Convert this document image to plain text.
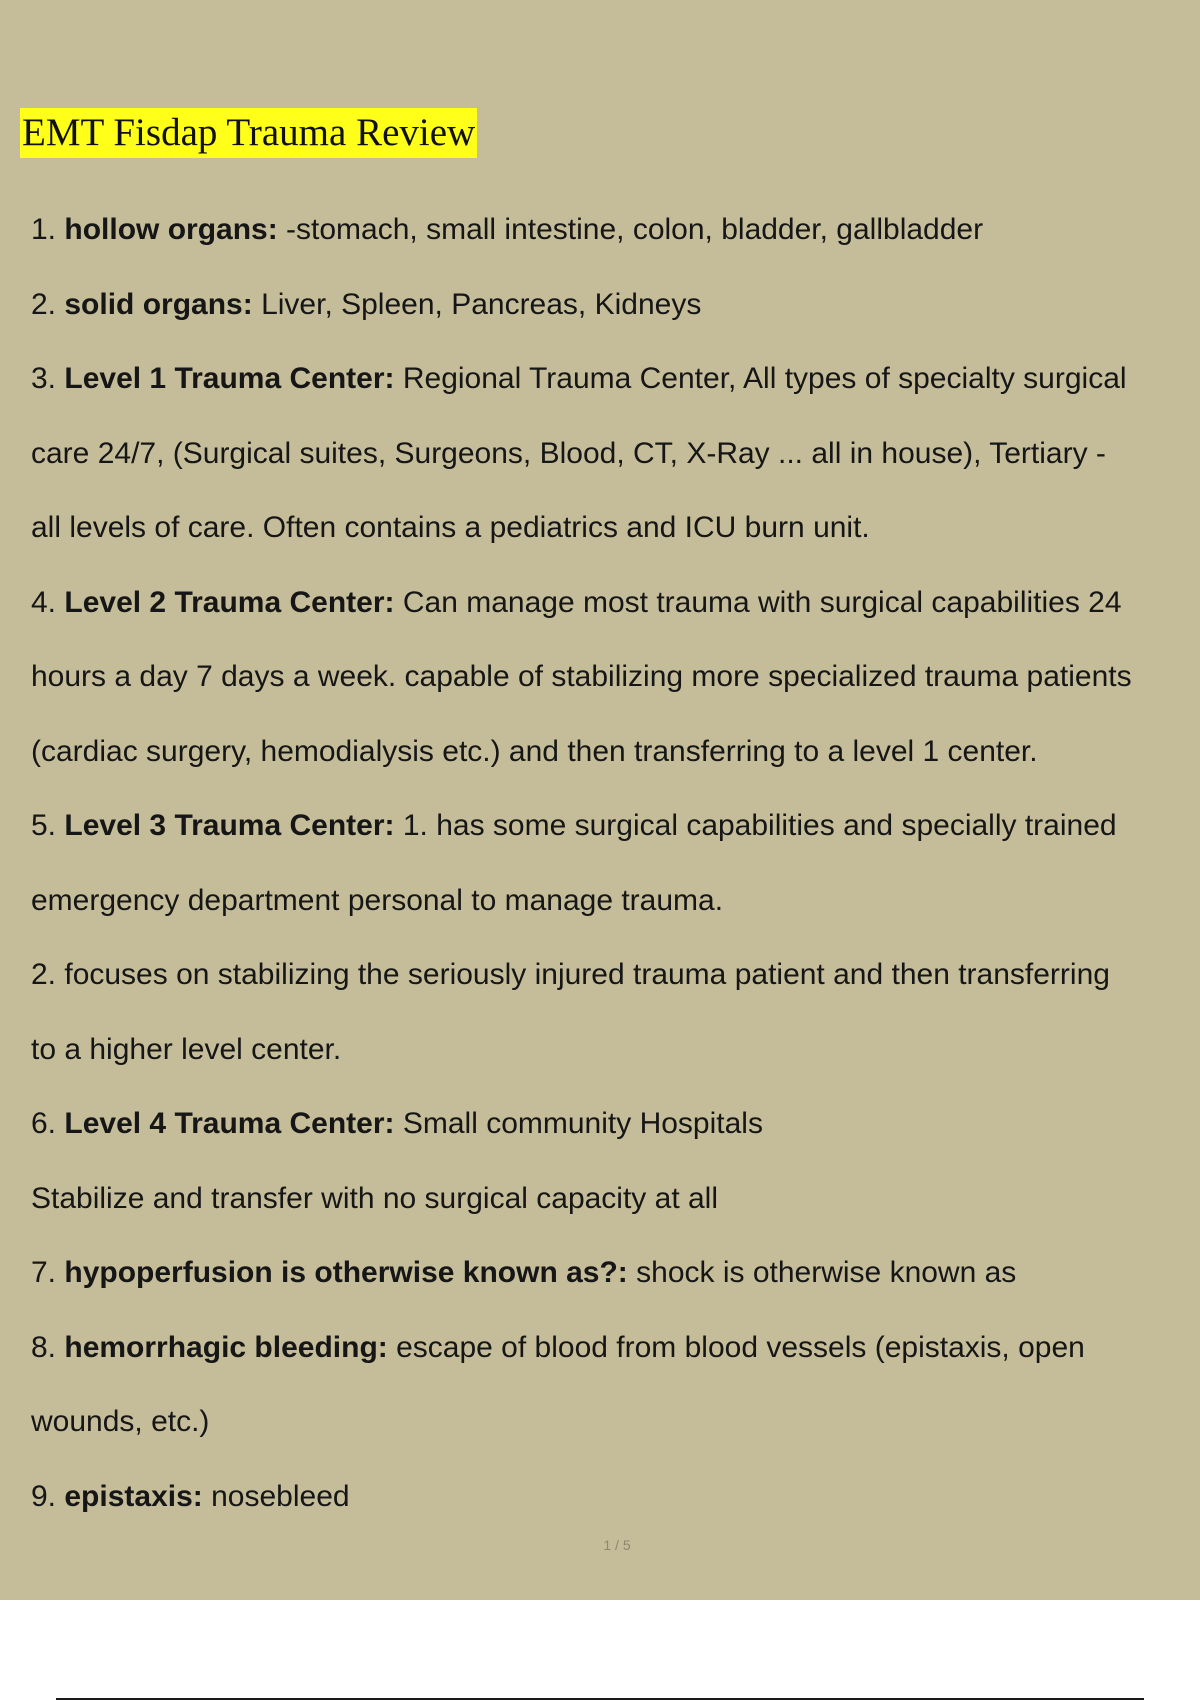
EMT Fisdap Trauma Review
1. hollow organs: -stomach, small intestine, colon, bladder, gallbladder
2. solid organs: Liver, Spleen, Pancreas, Kidneys
3. Level 1 Trauma Center: Regional Trauma Center, All types of specialty surgical
care 24/7, (Surgical suites, Surgeons, Blood, CT, X-Ray ... all in house), Tertiary -
all levels of care. Often contains a pediatrics and ICU burn unit.
4. Level 2 Trauma Center: Can manage most trauma with surgical capabilities 24
hours a day 7 days a week. capable of stabilizing more specialized trauma patients
(cardiac surgery, hemodialysis etc.) and then transferring to a level 1 center.
5. Level 3 Trauma Center: 1. has some surgical capabilities and specially trained
emergency department personal to manage trauma.
2. focuses on stabilizing the seriously injured trauma patient and then transferring
to a higher level center.
6. Level 4 Trauma Center: Small community Hospitals
Stabilize and transfer with no surgical capacity at all
7. hypoperfusion is otherwise known as?: shock is otherwise known as
8. hemorrhagic bleeding: escape of blood from blood vessels (epistaxis, open
wounds, etc.)
9. epistaxis: nosebleed
1 / 5
